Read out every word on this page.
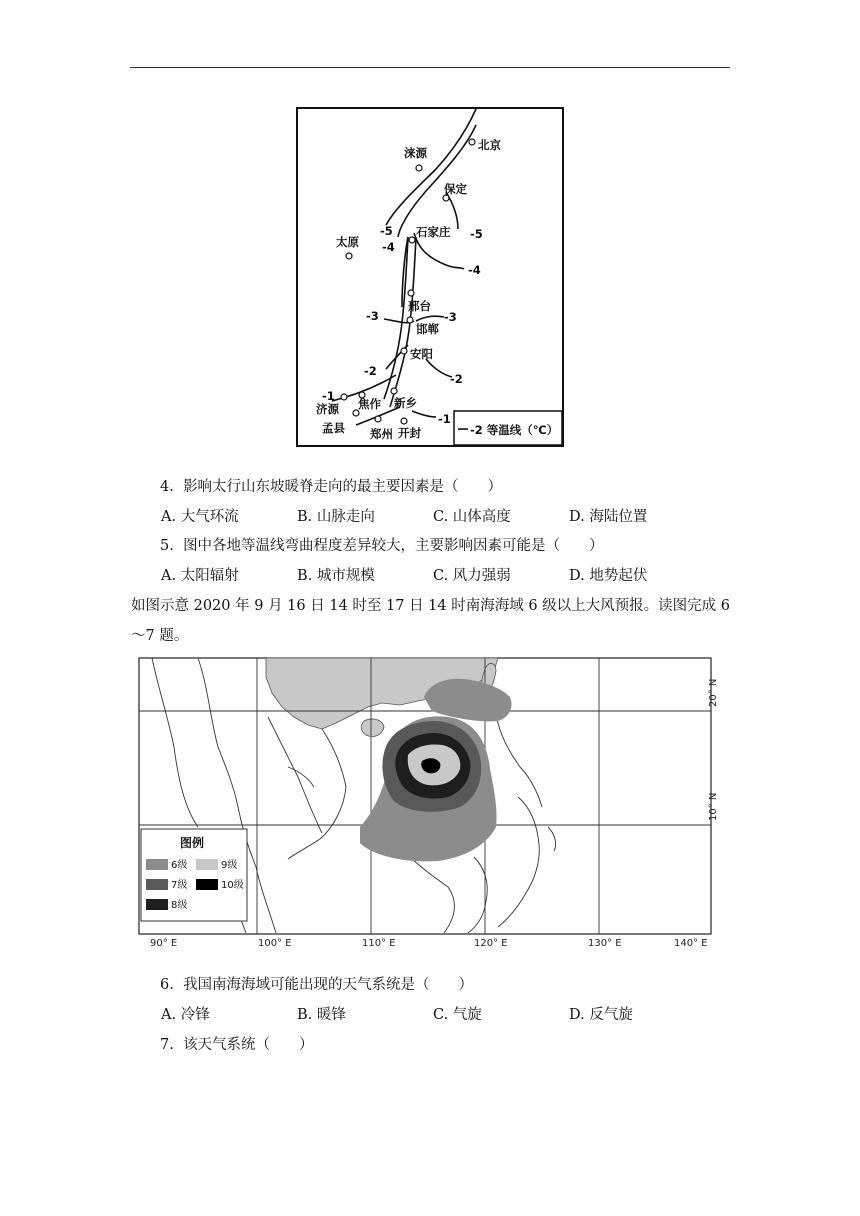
北京
涞源
保定
石家庄
太原
邢台
邯郸
安阳
济源 焦作 新乡
孟县 郑州 开封
-5
-4
-5
-4
-3	-3
-2
-2
-1
-1
-2 等温线（℃）
4. 影响太行山东坡暖脊走向的最主要因素是（　　）
A. 大气环流	B. 山脉走向	C. 山体高度	D. 海陆位置
5. 图中各地等温线弯曲程度差异较大，主要影响因素可能是（　　）
A. 太阳辐射	B. 城市规模	C. 风力强弱	D. 地势起伏
如图示意 2020 年 9 月 16 日 14 时至 17 日 14 时南海海域 6 级以上大风预报。读图完成 6～7 题。
20° N
10° N
90° E	100° E	110° E	120° E	130° E	140° E
图例
6级	9级
7级	10级
8级
6. 我国南海海域可能出现的天气系统是（　　）
A. 冷锋	B. 暖锋	C. 气旋	D. 反气旋
7. 该天气系统（　　）
